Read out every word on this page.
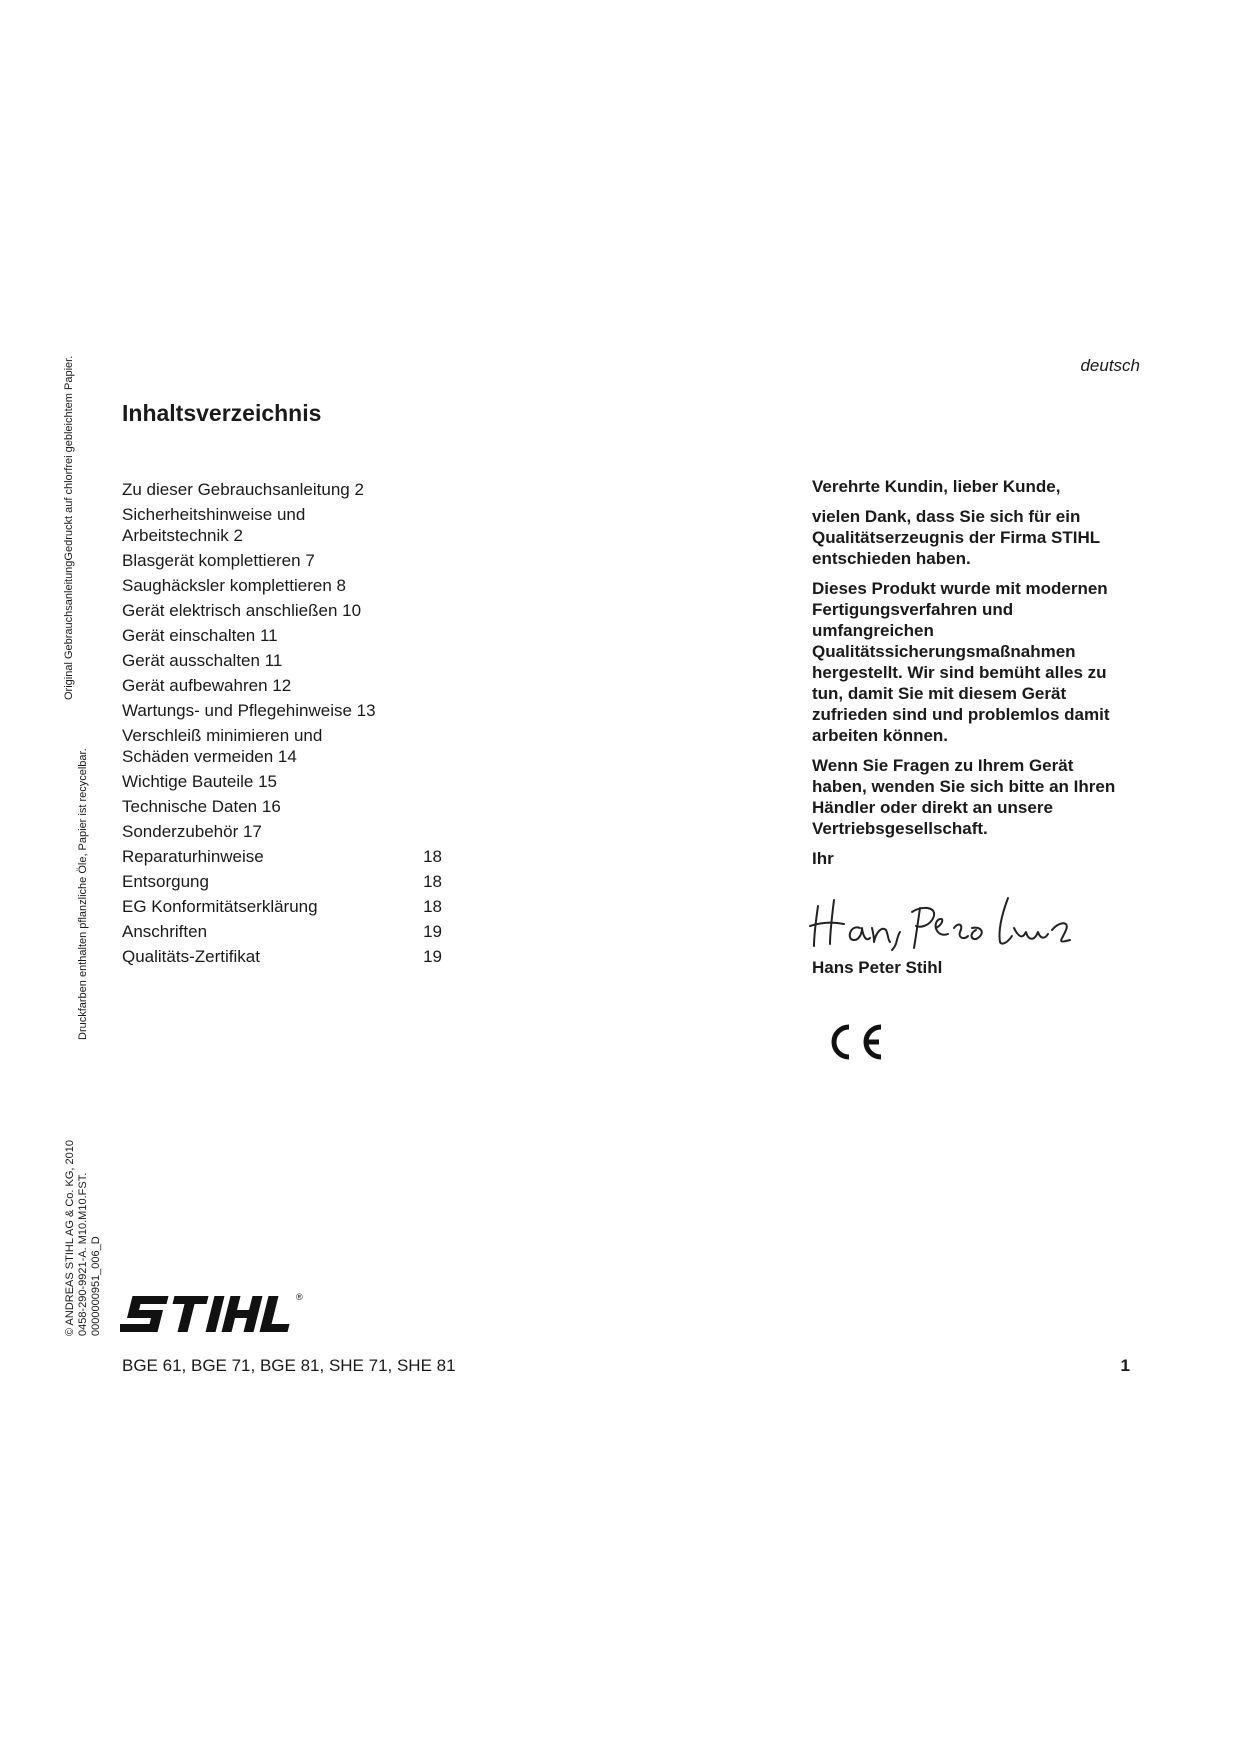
deutsch
Inhaltsverzeichnis
Zu dieser Gebrauchsanleitung 2
Sicherheitshinweise und
Arbeitstechnik 2
Blasgerät komplettieren 7
Saughäcksler komplettieren 8
Gerät elektrisch anschließen 10
Gerät einschalten 11
Gerät ausschalten 11
Gerät aufbewahren 12
Wartungs- und Pflegehinweise 13
Verschleiß minimieren und
Schäden vermeiden 14
Wichtige Bauteile 15
Technische Daten 16
Sonderzubehör 17
Reparaturhinweise	18
Entsorgung	18
EG Konformitätserklärung	18
Anschriften	19
Qualitäts-Zertifikat	19

Verehrte Kundin, lieber Kunde,

vielen Dank, dass Sie sich für ein Qualitätserzeugnis der Firma STIHL entschieden haben.

Dieses Produkt wurde mit modernen Fertigungsverfahren und umfangreichen Qualitätssicherungsmaßnahmen hergestellt. Wir sind bemüht alles zu tun, damit Sie mit diesem Gerät zufrieden sind und problemlos damit arbeiten können.

Wenn Sie Fragen zu Ihrem Gerät haben, wenden Sie sich bitte an Ihren Händler oder direkt an unsere Vertriebsgesellschaft.

Ihr

Hans Peter Stihl
Original GebrauchsanleitungGedruckt auf chlorfrei gebleichtem Papier.
Druckfarben enthalten pflanzliche Öle, Papier ist recycelbar.
© ANDREAS STIHL AG & Co. KG, 2010 0458-290-9921-A. M10.M10.FST. 0000000951_006_D	®
BGE 61, BGE 71, BGE 81, SHE 71, SHE 81	1
